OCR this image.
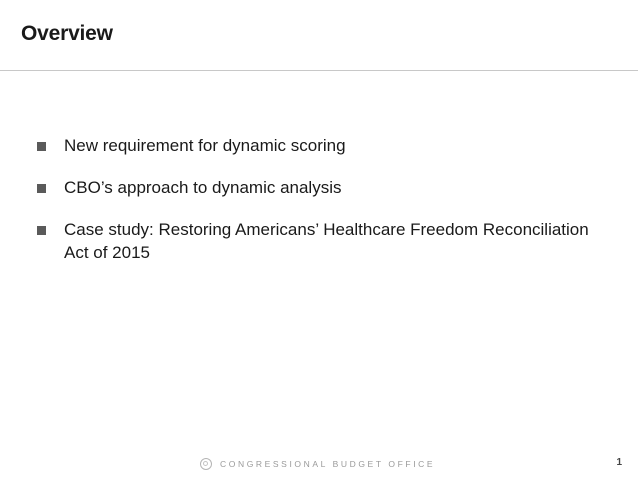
Overview
New requirement for dynamic scoring
CBO’s approach to dynamic analysis
Case study: Restoring Americans’ Healthcare Freedom Reconciliation Act of 2015
CONGRESSIONAL BUDGET OFFICE	1
